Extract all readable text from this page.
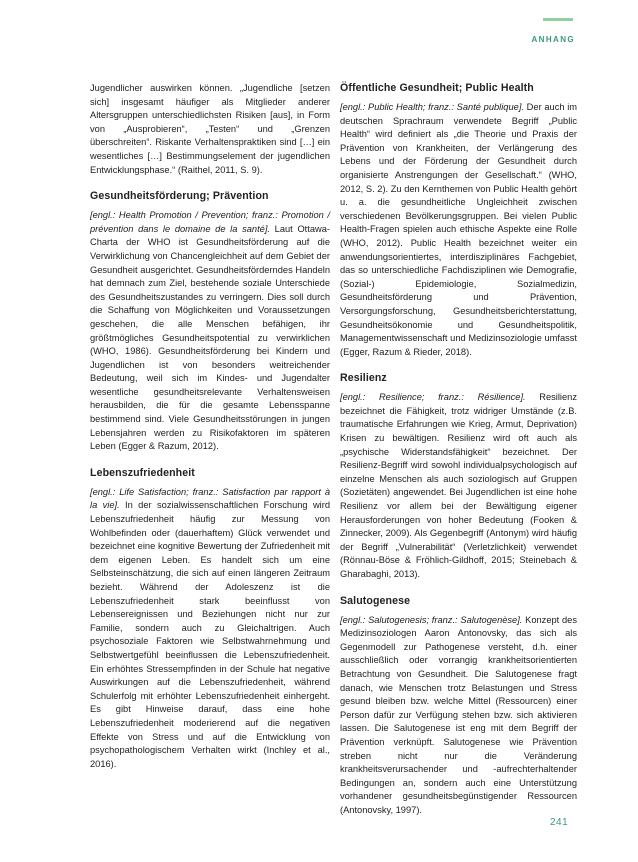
ANHANG

Jugendlicher auswirken können. „Jugendliche [setzen sich] insgesamt häufiger als Mitglieder anderer Altersgruppen unterschiedlichsten Risiken [aus], in Form von „Ausprobieren“, „Testen“ und „Grenzen überschreiten“. Riskante Verhaltenspraktiken sind […] ein wesentliches […] Bestimmungselement der jugendlichen Entwicklungsphase.“ (Raithel, 2011, S. 9).

Gesundheitsförderung; Prävention

[engl.: Health Promotion / Prevention; franz.: Promotion / prévention dans le domaine de la santé]. Laut Ottawa-Charta der WHO ist Gesundheitsförderung auf die Verwirklichung von Chancengleichheit auf dem Gebiet der Gesundheit ausgerichtet. Gesundheitsförderndes Handeln hat demnach zum Ziel, bestehende soziale Unterschiede des Gesundheitszustandes zu verringern. Dies soll durch die Schaffung von Möglichkeiten und Voraussetzungen geschehen, die alle Menschen befähigen, ihr größtmögliches Gesundheitspotential zu verwirklichen (WHO, 1986). Gesundheitsförderung bei Kindern und Jugendlichen ist von besonders weitreichender Bedeutung, weil sich im Kindes- und Jugendalter wesentliche gesundheitsrelevante Verhaltensweisen herausbilden, die für die gesamte Lebensspanne bestimmend sind. Viele Gesundheitsstörungen in jungen Lebensjahren werden zu Risikofaktoren im späteren Leben (Egger & Razum, 2012).

Lebenszufriedenheit

[engl.: Life Satisfaction; franz.: Satisfaction par rapport à la vie]. In der sozialwissenschaftlichen Forschung wird Lebenszufriedenheit häufig zur Messung von Wohlbefinden oder (dauerhaftem) Glück verwendet und bezeichnet eine kognitive Bewertung der Zufriedenheit mit dem eigenen Leben. Es handelt sich um eine Selbsteinschätzung, die sich auf einen längeren Zeitraum bezieht. Während der Adoleszenz ist die Lebenszufriedenheit stark beeinflusst von Lebensereignissen und Beziehungen nicht nur zur Familie, sondern auch zu Gleichaltrigen. Auch psychosoziale Faktoren wie Selbstwahrnehmung und Selbstwertgefühl beeinflussen die Lebenszufriedenheit. Ein erhöhtes Stressempfinden in der Schule hat negative Auswirkungen auf die Lebenszufriedenheit, während Schulerfolg mit erhöhter Lebenszufriedenheit einhergeht. Es gibt Hinweise darauf, dass eine hohe Lebenszufriedenheit moderierend auf die negativen Effekte von Stress und auf die Entwicklung von psychopathologischem Verhalten wirkt (Inchley et al., 2016).

Öffentliche Gesundheit; Public Health

[engl.: Public Health; franz.: Santé publique]. Der auch im deutschen Sprachraum verwendete Begriff „Public Health“ wird definiert als „die Theorie und Praxis der Prävention von Krankheiten, der Verlängerung des Lebens und der Förderung der Gesundheit durch organisierte Anstrengungen der Gesellschaft.“ (WHO, 2012, S. 2). Zu den Kernthemen von Public Health gehört u. a. die gesundheitliche Ungleichheit zwischen verschiedenen Bevölkerungsgruppen. Bei vielen Public Health-Fragen spielen auch ethische Aspekte eine Rolle (WHO, 2012). Public Health bezeichnet weiter ein anwendungsorientiertes, interdisziplinäres Fachgebiet, das so unterschiedliche Fachdisziplinen wie Demografie, (Sozial-) Epidemiologie, Sozialmedizin, Gesundheitsförderung und Prävention, Versorgungsforschung, Gesundheitsberichterstattung, Gesundheitsökonomie und Gesundheitspolitik, Managementwissenschaft und Medizinsoziologie umfasst (Egger, Razum & Rieder, 2018).

Resilienz

[engl.: Resilience; franz.: Résilience]. Resilienz bezeichnet die Fähigkeit, trotz widriger Umstände (z.B. traumatische Erfahrungen wie Krieg, Armut, Deprivation) Krisen zu bewältigen. Resilienz wird oft auch als „psychische Widerstandsfähigkeit“ bezeichnet. Der Resilienz-Begriff wird sowohl individualpsychologisch auf einzelne Menschen als auch soziologisch auf Gruppen (Sozietäten) angewendet. Bei Jugendlichen ist eine hohe Resilienz vor allem bei der Bewältigung eigener Herausforderungen von hoher Bedeutung (Fooken & Zinnecker, 2009). Als Gegenbegriff (Antonym) wird häufig der Begriff „Vulnerabilität“ (Verletzlichkeit) verwendet (Rönnau-Böse & Fröhlich-Gildhoff, 2015; Steinebach & Gharabaghi, 2013).

Salutogenese

[engl.: Salutogenesis; franz.: Salutogenèse]. Konzept des Medizinsoziologen Aaron Antonovsky, das sich als Gegenmodell zur Pathogenese versteht, d.h. einer ausschließlich oder vorrangig krankheitsorientierten Betrachtung von Gesundheit. Die Salutogenese fragt danach, wie Menschen trotz Belastungen und Stress gesund bleiben bzw. welche Mittel (Ressourcen) einer Person dafür zur Verfügung stehen bzw. sich aktivieren lassen. Die Salutogenese ist eng mit dem Begriff der Prävention verknüpft. Salutogenese wie Prävention streben nicht nur die Veränderung krankheitsverursachender und -aufrechterhaltender Bedingungen an, sondern auch eine Unterstützung vorhandener gesundheitsbegünstigender Ressourcen (Antonovsky, 1997).

241
